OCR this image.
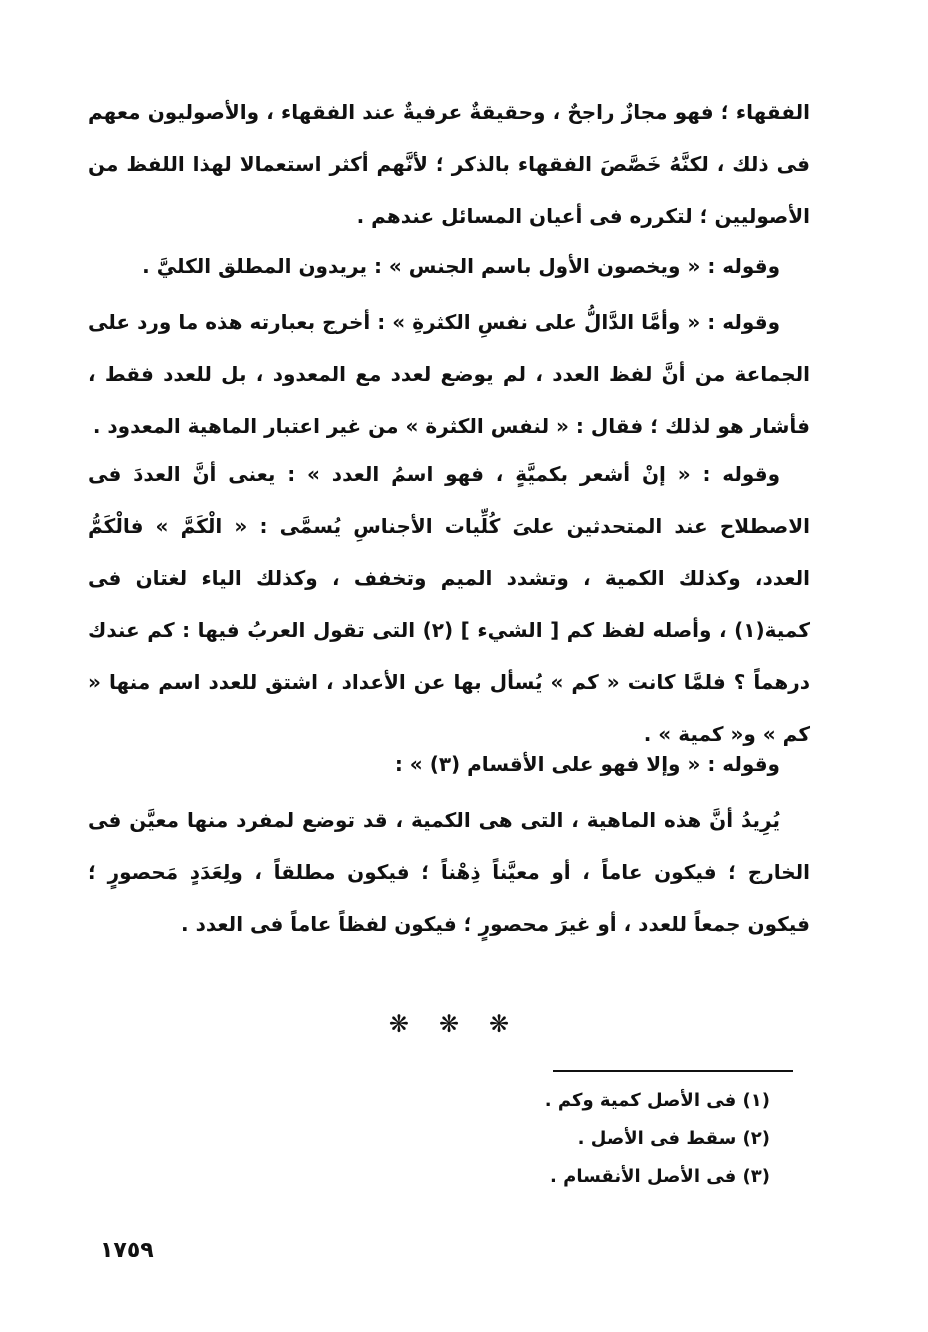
الفقهاء ؛ فهو مجازٌ راجحٌ ، وحقيقةٌ عرفيةٌ عند الفقهاء ، والأصوليون معهم فى ذلك ، لكنَّهُ خَصَّصَ الفقهاء بالذكر ؛ لأنَّهم أكثر استعمالا لهذا اللفظ من الأصوليين ؛ لتكرره فى أعيان المسائل عندهم .

وقوله : « ويخصون الأول باسم الجنس » : يريدون المطلق الكليَّ .

وقوله : « وأمَّا الدَّالُّ على نفسِ الكثرةِ » : أخرج بعبارته هذه ما ورد على الجماعة من أنَّ لفظ العدد ، لم يوضع لعدد مع المعدود ، بل للعدد فقط ، فأشار هو لذلك ؛ فقال : « لنفس الكثرة » من غير اعتبار الماهية المعدود .

وقوله : « إنْ أشعر بكميَّةٍ ، فهو اسمُ العدد » : يعنى أنَّ العددَ فى الاصطلاح عند المتحدثين علىَ كُلِّيات الأجناسِ يُسمَّى : « الْكَمَّ » فالْكَمُّ العدد، وكذلك الكمية ، وتشدد الميم وتخفف ، وكذلك الياء لغتان فى كمية(١) ، وأصله لفظ كم [ الشيء ] (٢) التى تقول العربُ فيها : كم عندك درهماً ؟ فلمَّا كانت « كم » يُسأل بها عن الأعداد ، اشتق للعدد اسم منها « كم » و« كمية » .

وقوله : « وإلا فهو على الأقسام (٣) » :

يُرِيدُ أنَّ هذه الماهية ، التى هى الكمية ، قد توضع لمفرد منها معيَّن فى الخارج ؛ فيكون عاماً ، أو معيَّناً ذِهْناً ؛ فيكون مطلقاً ، ولِعَدَدٍ مَحصورٍ ؛ فيكون جمعاً للعدد ، أو غيرَ محصورٍ ؛ فيكون لفظاً عاماً فى العدد .

❋❋❋

(١) فى الأصل كمية وكم .

(٢) سقط فى الأصل .

(٣) فى الأصل الأنقسام .

١٧٥٩
